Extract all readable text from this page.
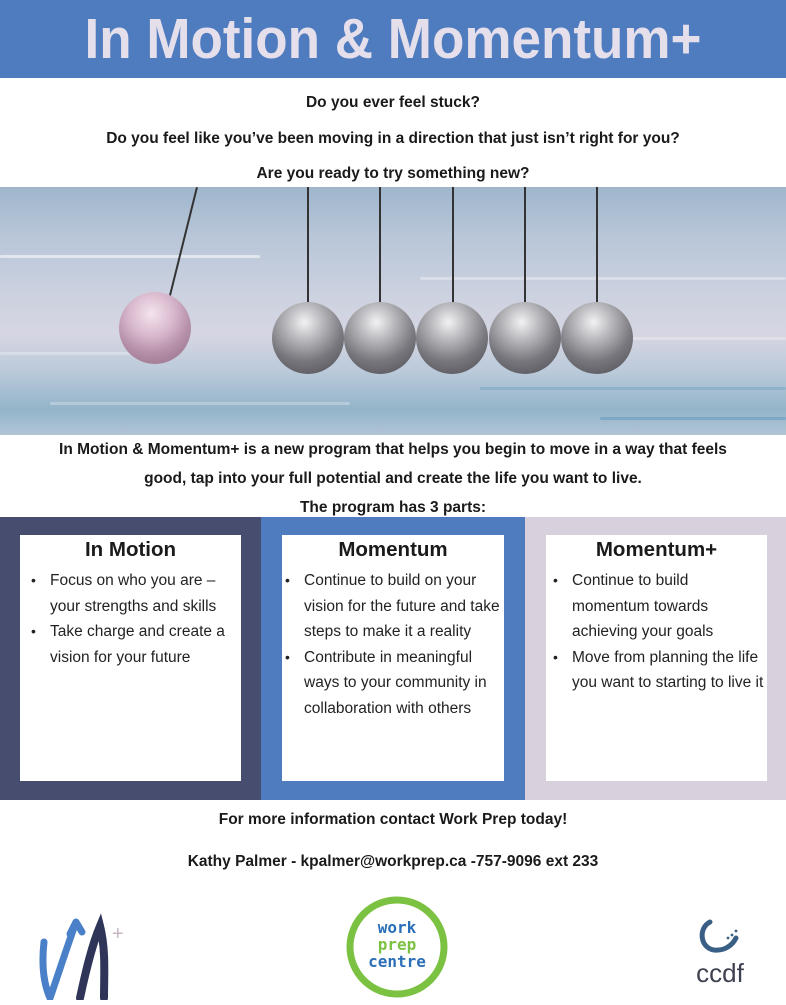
In Motion & Momentum+
Do you ever feel stuck?
Do you feel like you’ve been moving in a direction that just isn’t right for you?
Are you ready to try something new?
In Motion & Momentum+ is a new program that helps you begin to move in a way that feels
good, tap into your full potential and create the life you want to live.
The program has 3 parts:
In Motion
• Focus on who you are – your strengths and skills
• Take charge and create a vision for your future
Momentum
• Continue to build on your vision for the future and take steps to make it a reality
• Contribute in meaningful ways to your community in collaboration with others
Momentum+
• Continue to build momentum towards achieving your goals
• Move from planning the life you want to starting to live it
For more information contact Work Prep today!
Kathy Palmer - kpalmer@workprep.ca -757-9096 ext 233
+	work
prep
centre	ccdf
